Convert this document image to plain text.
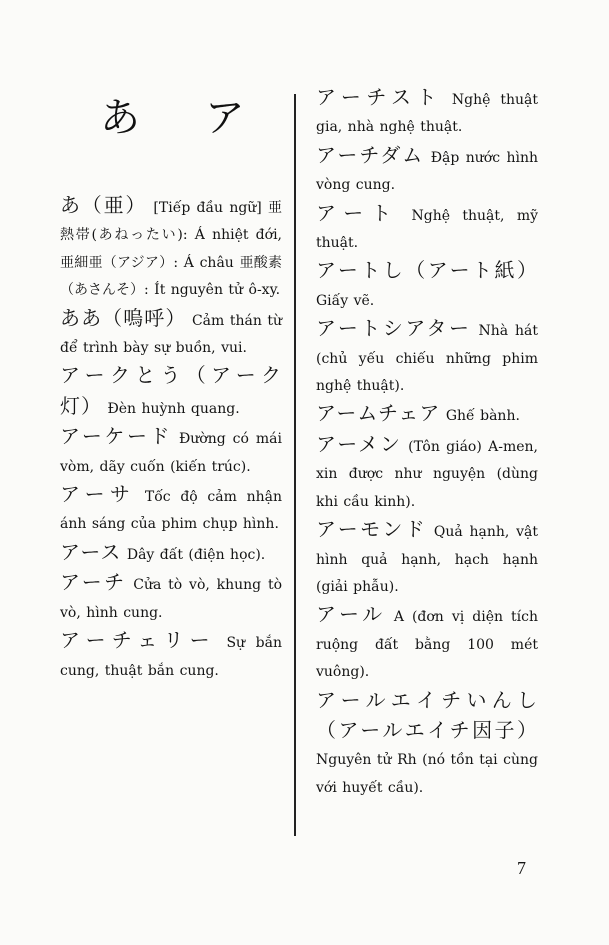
あ ア

あ（亜） [Tiếp đầu ngữ] 亜熱帯(あねったい): Á nhiệt đới, 亜細亜（アジア）: Á châu 亜酸素（あさんそ）: Ít nguyên tử ô-xy.

ああ（嗚呼） Cảm thán từ để trình bày sự buồn, vui.

アークとう（アーク灯） Đèn huỳnh quang.

アーケード Đường có mái vòm, dãy cuốn (kiến trúc).

アーサ Tốc độ cảm nhận ánh sáng của phim chụp hình.

アース Dây đất (điện học).

アーチ Cửa tò vò, khung tò vò, hình cung.

アーチェリー Sự bắn cung, thuật bắn cung.

アーチスト Nghệ thuật gia, nhà nghệ thuật.

アーチダム Đập nước hình vòng cung.

アート Nghệ thuật, mỹ thuật.

アートし（アート紙） Giấy vẽ.

アートシアター Nhà hát (chủ yếu chiếu những phim nghệ thuật).

アームチェア Ghế bành.

アーメン (Tôn giáo) A-men, xin được như nguyện (dùng khi cầu kinh).

アーモンド Quả hạnh, vật hình quả hạnh, hạch hạnh (giải phẫu).

アール A (đơn vị diện tích ruộng đất bằng 100 mét vuông).

アールエイチいんし（アールエイチ因子） Nguyên tử Rh (nó tồn tại cùng với huyết cầu).

7
